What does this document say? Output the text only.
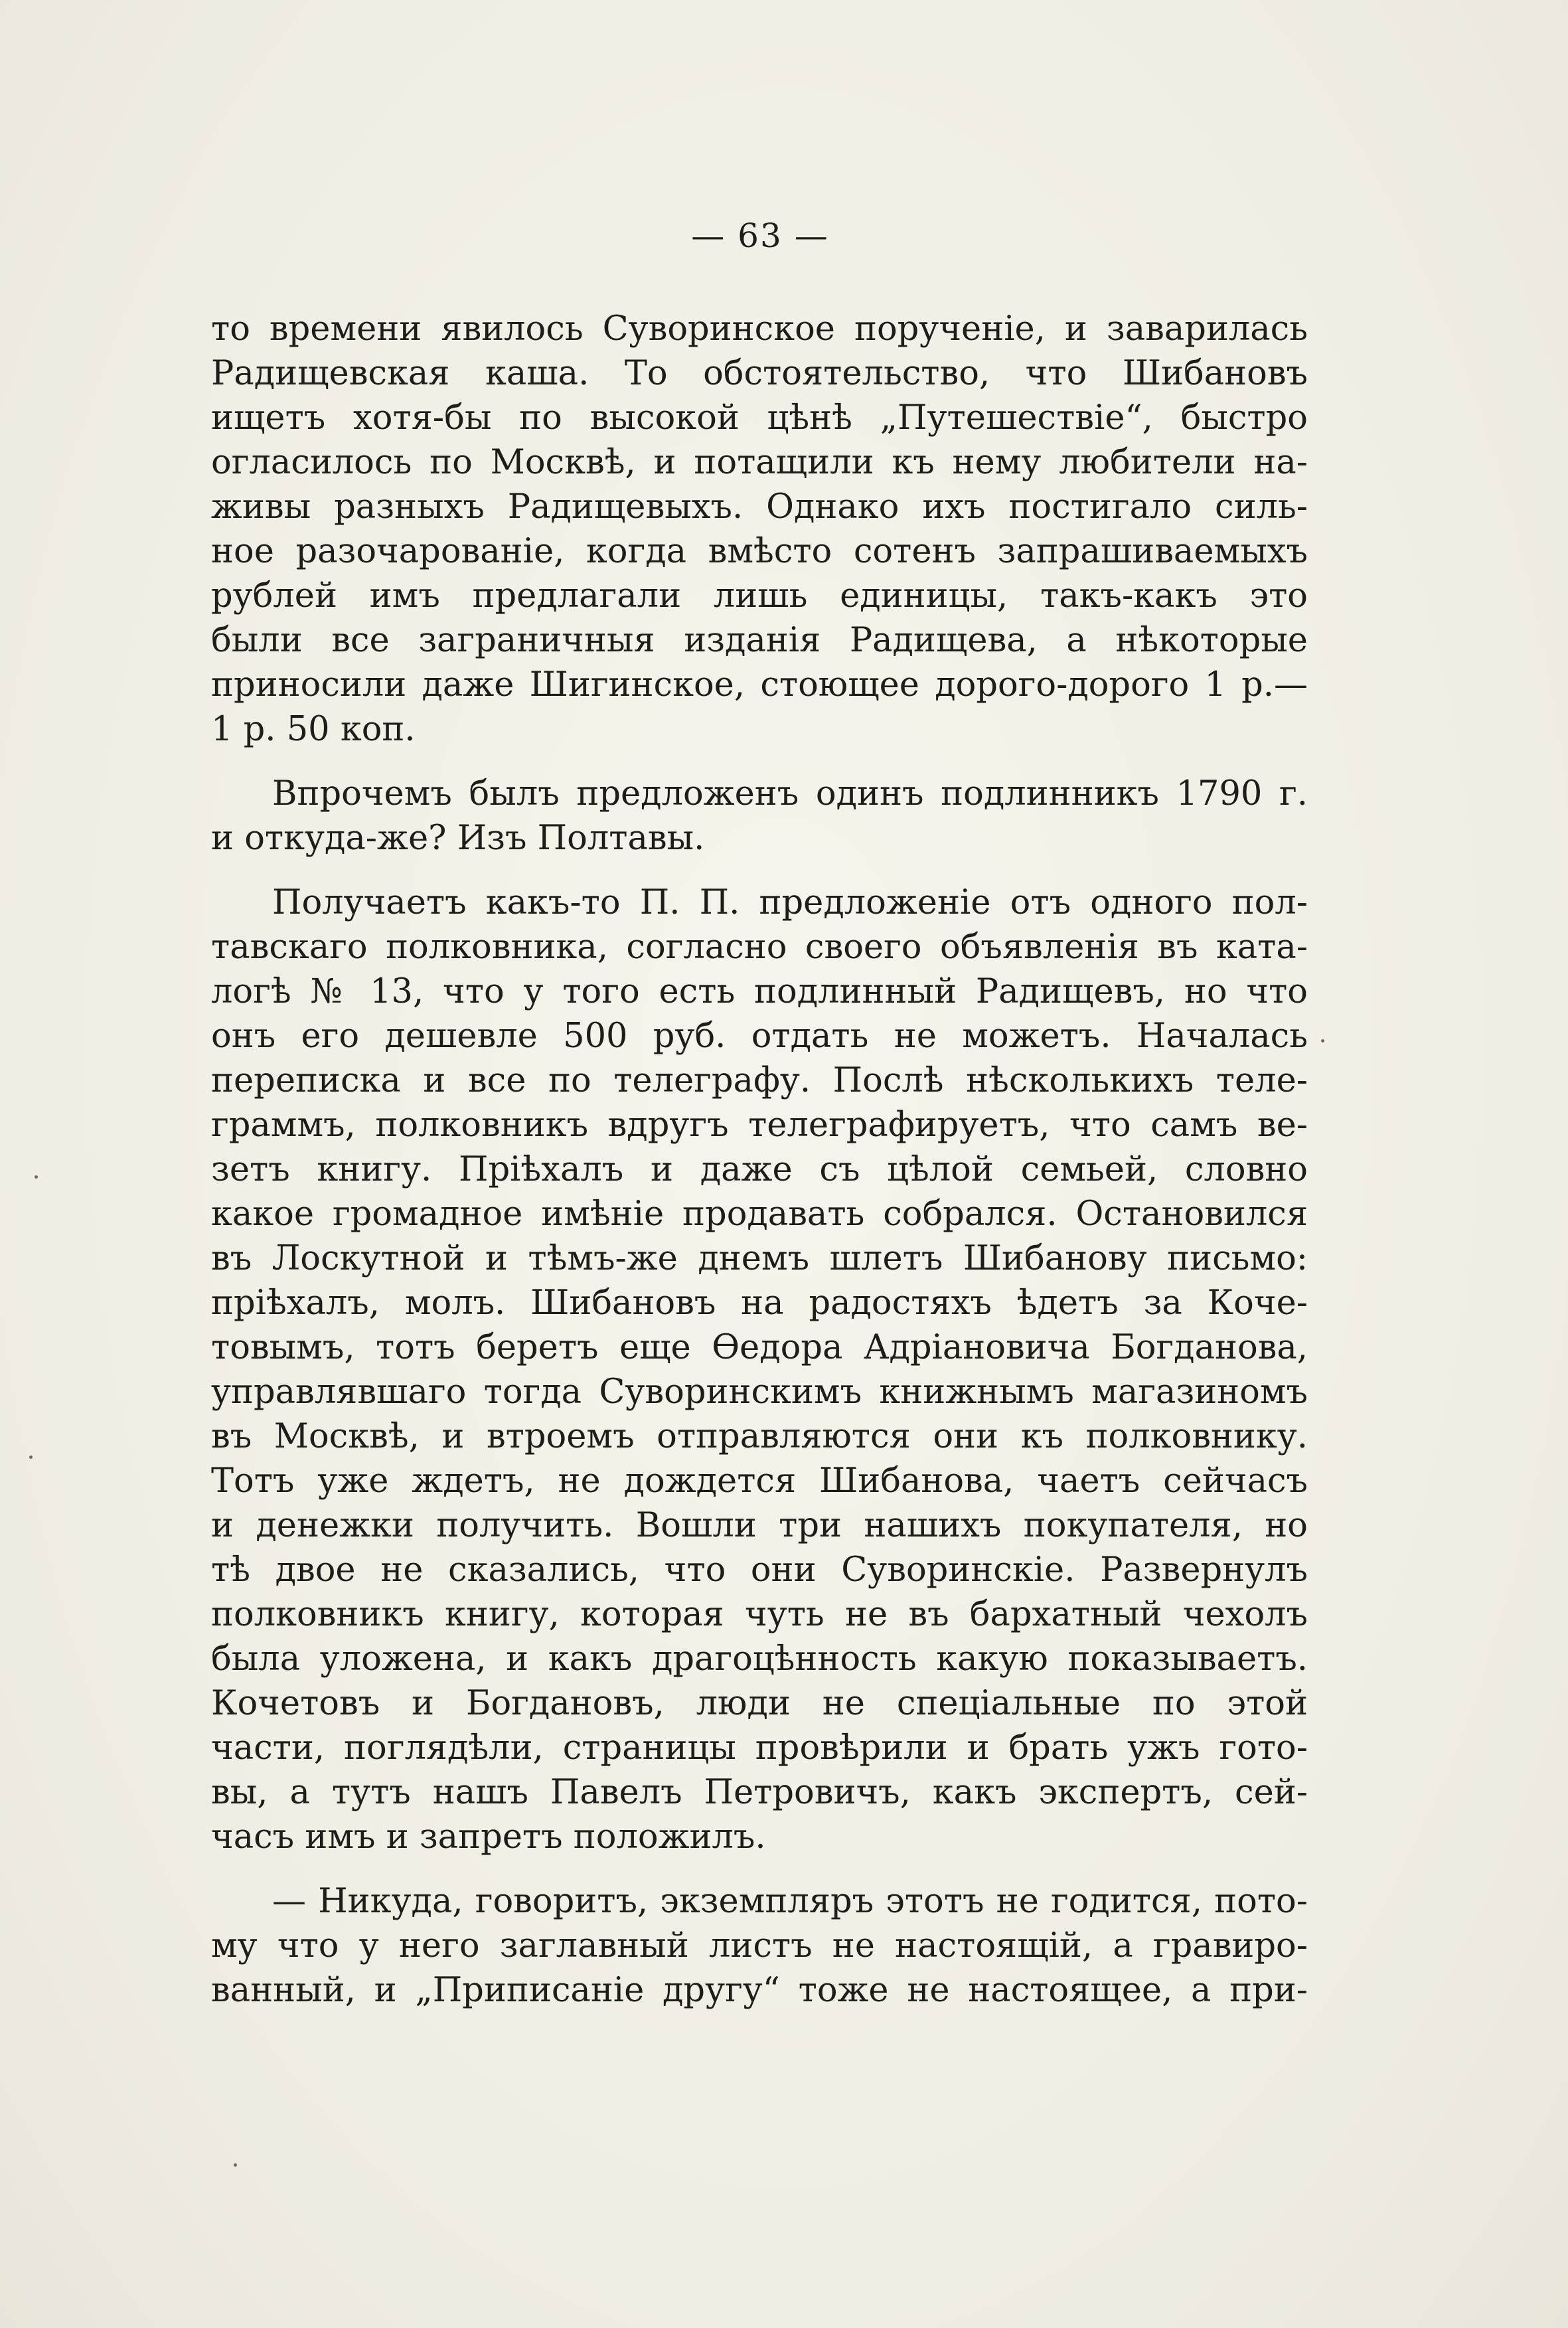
— 63 —
то времени явилось Суворинское порученіе, и заварилась
Радищевская каша. То обстоятельство, что Шибановъ
ищетъ хотя-бы по высокой цѣнѣ „Путешествіе“, быстро
огласилось по Москвѣ, и потащили къ нему любители на-
живы разныхъ Радищевыхъ. Однако ихъ постигало силь-
ное разочарованіе, когда вмѣсто сотенъ запрашиваемыхъ
рублей имъ предлагали лишь единицы, такъ-какъ это
были все заграничныя изданія Радищева, а нѣкоторые
приносили даже Шигинское, стоющее дорого-дорого 1 р.—
1 р. 50 коп.
Впрочемъ былъ предложенъ одинъ подлинникъ 1790 г.
и откуда-же? Изъ Полтавы.
Получаетъ какъ-то П. П. предложеніе отъ одного пол-
тавскаго полковника, согласно своего объявленія въ ката-
логѣ № 13, что у того есть подлинный Радищевъ, но что
онъ его дешевле 500 руб. отдать не можетъ. Началась
переписка и все по телеграфу. Послѣ нѣсколькихъ теле-
граммъ, полковникъ вдругъ телеграфируетъ, что самъ ве-
зетъ книгу. Пріѣхалъ и даже съ цѣлой семьей, словно
какое громадное имѣніе продавать собрался. Остановился
въ Лоскутной и тѣмъ-же днемъ шлетъ Шибанову письмо:
пріѣхалъ, молъ. Шибановъ на радостяхъ ѣдетъ за Коче-
товымъ, тотъ беретъ еще Ѳедора Адріановича Богданова,
управлявшаго тогда Суворинскимъ книжнымъ магазиномъ
въ Москвѣ, и втроемъ отправляются они къ полковнику.
Тотъ уже ждетъ, не дождется Шибанова, чаетъ сейчасъ
и денежки получить. Вошли три нашихъ покупателя, но
тѣ двое не сказались, что они Суворинскіе. Развернулъ
полковникъ книгу, которая чуть не въ бархатный чехолъ
была уложена, и какъ драгоцѣнность какую показываетъ.
Кочетовъ и Богдановъ, люди не спеціальные по этой
части, поглядѣли, страницы провѣрили и брать ужъ гото-
вы, а тутъ нашъ Павелъ Петровичъ, какъ экспертъ, сей-
часъ имъ и запретъ положилъ.
— Никуда, говоритъ, экземпляръ этотъ не годится, пото-
му что у него заглавный листъ не настоящій, а гравиро-
ванный, и „Приписаніе другу“ тоже не настоящее, а при-
